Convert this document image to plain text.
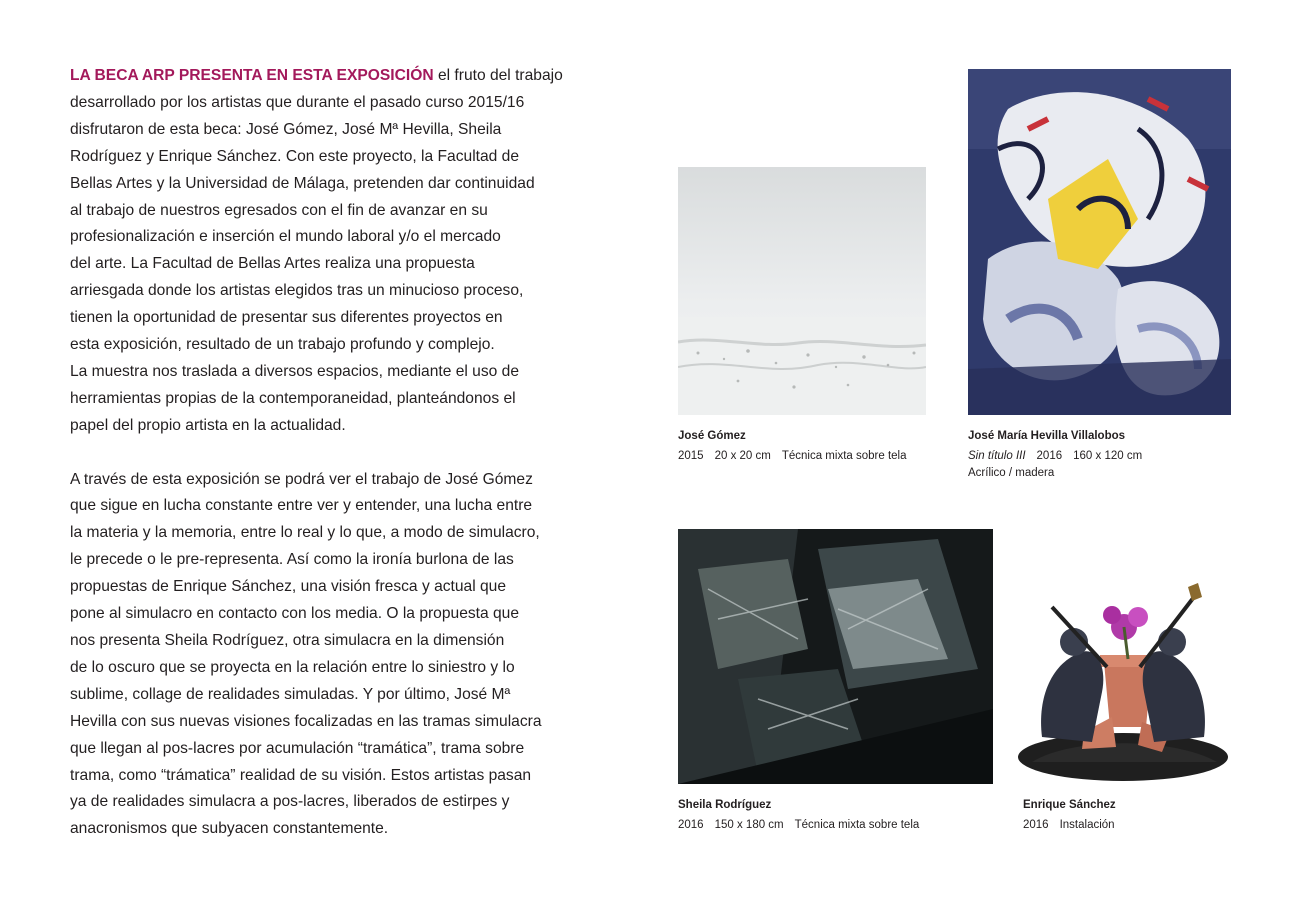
LA BECA ARP PRESENTA EN ESTA EXPOSICIÓN el fruto del trabajo
desarrollado por los artistas que durante el pasado curso 2015/16
disfrutaron de esta beca: José Gómez, José Mª Hevilla, Sheila
Rodríguez y Enrique Sánchez. Con este proyecto, la Facultad de
Bellas Artes y la Universidad de Málaga, pretenden dar continuidad
al trabajo de nuestros egresados con el fin de avanzar en su
profesionalización e inserción el mundo laboral y/o el mercado
del arte. La Facultad de Bellas Artes realiza una propuesta
arriesgada donde los artistas elegidos tras un minucioso proceso,
tienen la oportunidad de presentar sus diferentes proyectos en
esta exposición, resultado de un trabajo profundo y complejo.
La muestra nos traslada a diversos espacios, mediante el uso de
herramientas propias de la contemporaneidad, planteándonos el
papel del propio artista en la actualidad.

A través de esta exposición se podrá ver el trabajo de José Gómez
que sigue en lucha constante entre ver y entender, una lucha entre
la materia y la memoria, entre lo real y lo que, a modo de simulacro,
le precede o le pre-representa. Así como la ironía burlona de las
propuestas de Enrique Sánchez, una visión fresca y actual que
pone al simulacro en contacto con los media. O la propuesta que
nos presenta Sheila Rodríguez, otra simulacra en la dimensión
de lo oscuro que se proyecta en la relación entre lo siniestro y lo
sublime, collage de realidades simuladas. Y por último, José Mª
Hevilla con sus nuevas visiones focalizadas en las tramas simulacra
que llegan al pos-lacres por acumulación “tramática”, trama sobre
trama, como “trámatica” realidad de su visión. Estos artistas pasan
ya de realidades simulacra a pos-lacres, liberados de estirpes y
anacronismos que subyacen constantemente.

José Gómez
2015 20 x 20 cm Técnica mixta sobre tela
José María Hevilla Villalobos
Sin título III 2016 160 x 120 cm
Acrílico / madera
Sheila Rodríguez
2016 150 x 180 cm Técnica mixta sobre tela
Enrique Sánchez
2016 Instalación
